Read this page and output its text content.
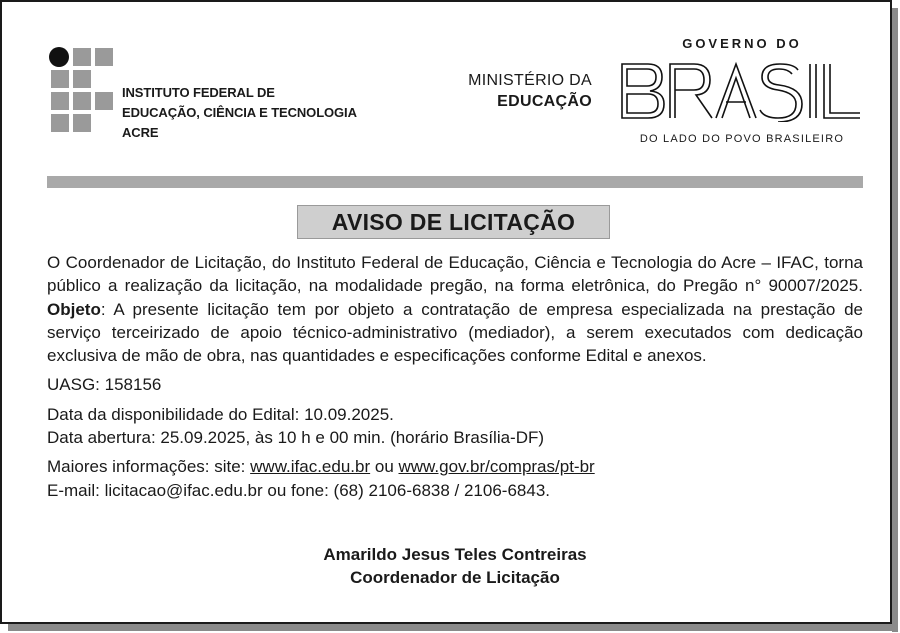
INSTITUTO FEDERAL DE
EDUCAÇÃO, CIÊNCIA E TECNOLOGIA
ACRE
MINISTÉRIO DA
EDUCAÇÃO
GOVERNO DO
DO LADO DO POVO BRASILEIRO
AVISO DE LICITAÇÃO

O Coordenador de Licitação, do Instituto Federal de Educação, Ciência e Tecnologia do Acre – IFAC, torna público a realização da licitação, na modalidade pregão, na forma eletrônica, do Pregão n° 90007/2025. Objeto: A presente licitação tem por objeto a contratação de empresa especializada na prestação de serviço terceirizado de apoio técnico-administrativo (mediador), a serem executados com dedicação exclusiva de mão de obra, nas quantidades e especificações conforme Edital e anexos.

UASG: 158156

Data da disponibilidade do Edital: 10.09.2025.

Data abertura: 25.09.2025, às 10 h e 00 min. (horário Brasília-DF)

Maiores informações: site: www.ifac.edu.br ou www.gov.br/compras/pt-br

E-mail: licitacao@ifac.edu.br ou fone: (68) 2106-6838 / 2106-6843.

Amarildo Jesus Teles Contreiras
Coordenador de Licitação
